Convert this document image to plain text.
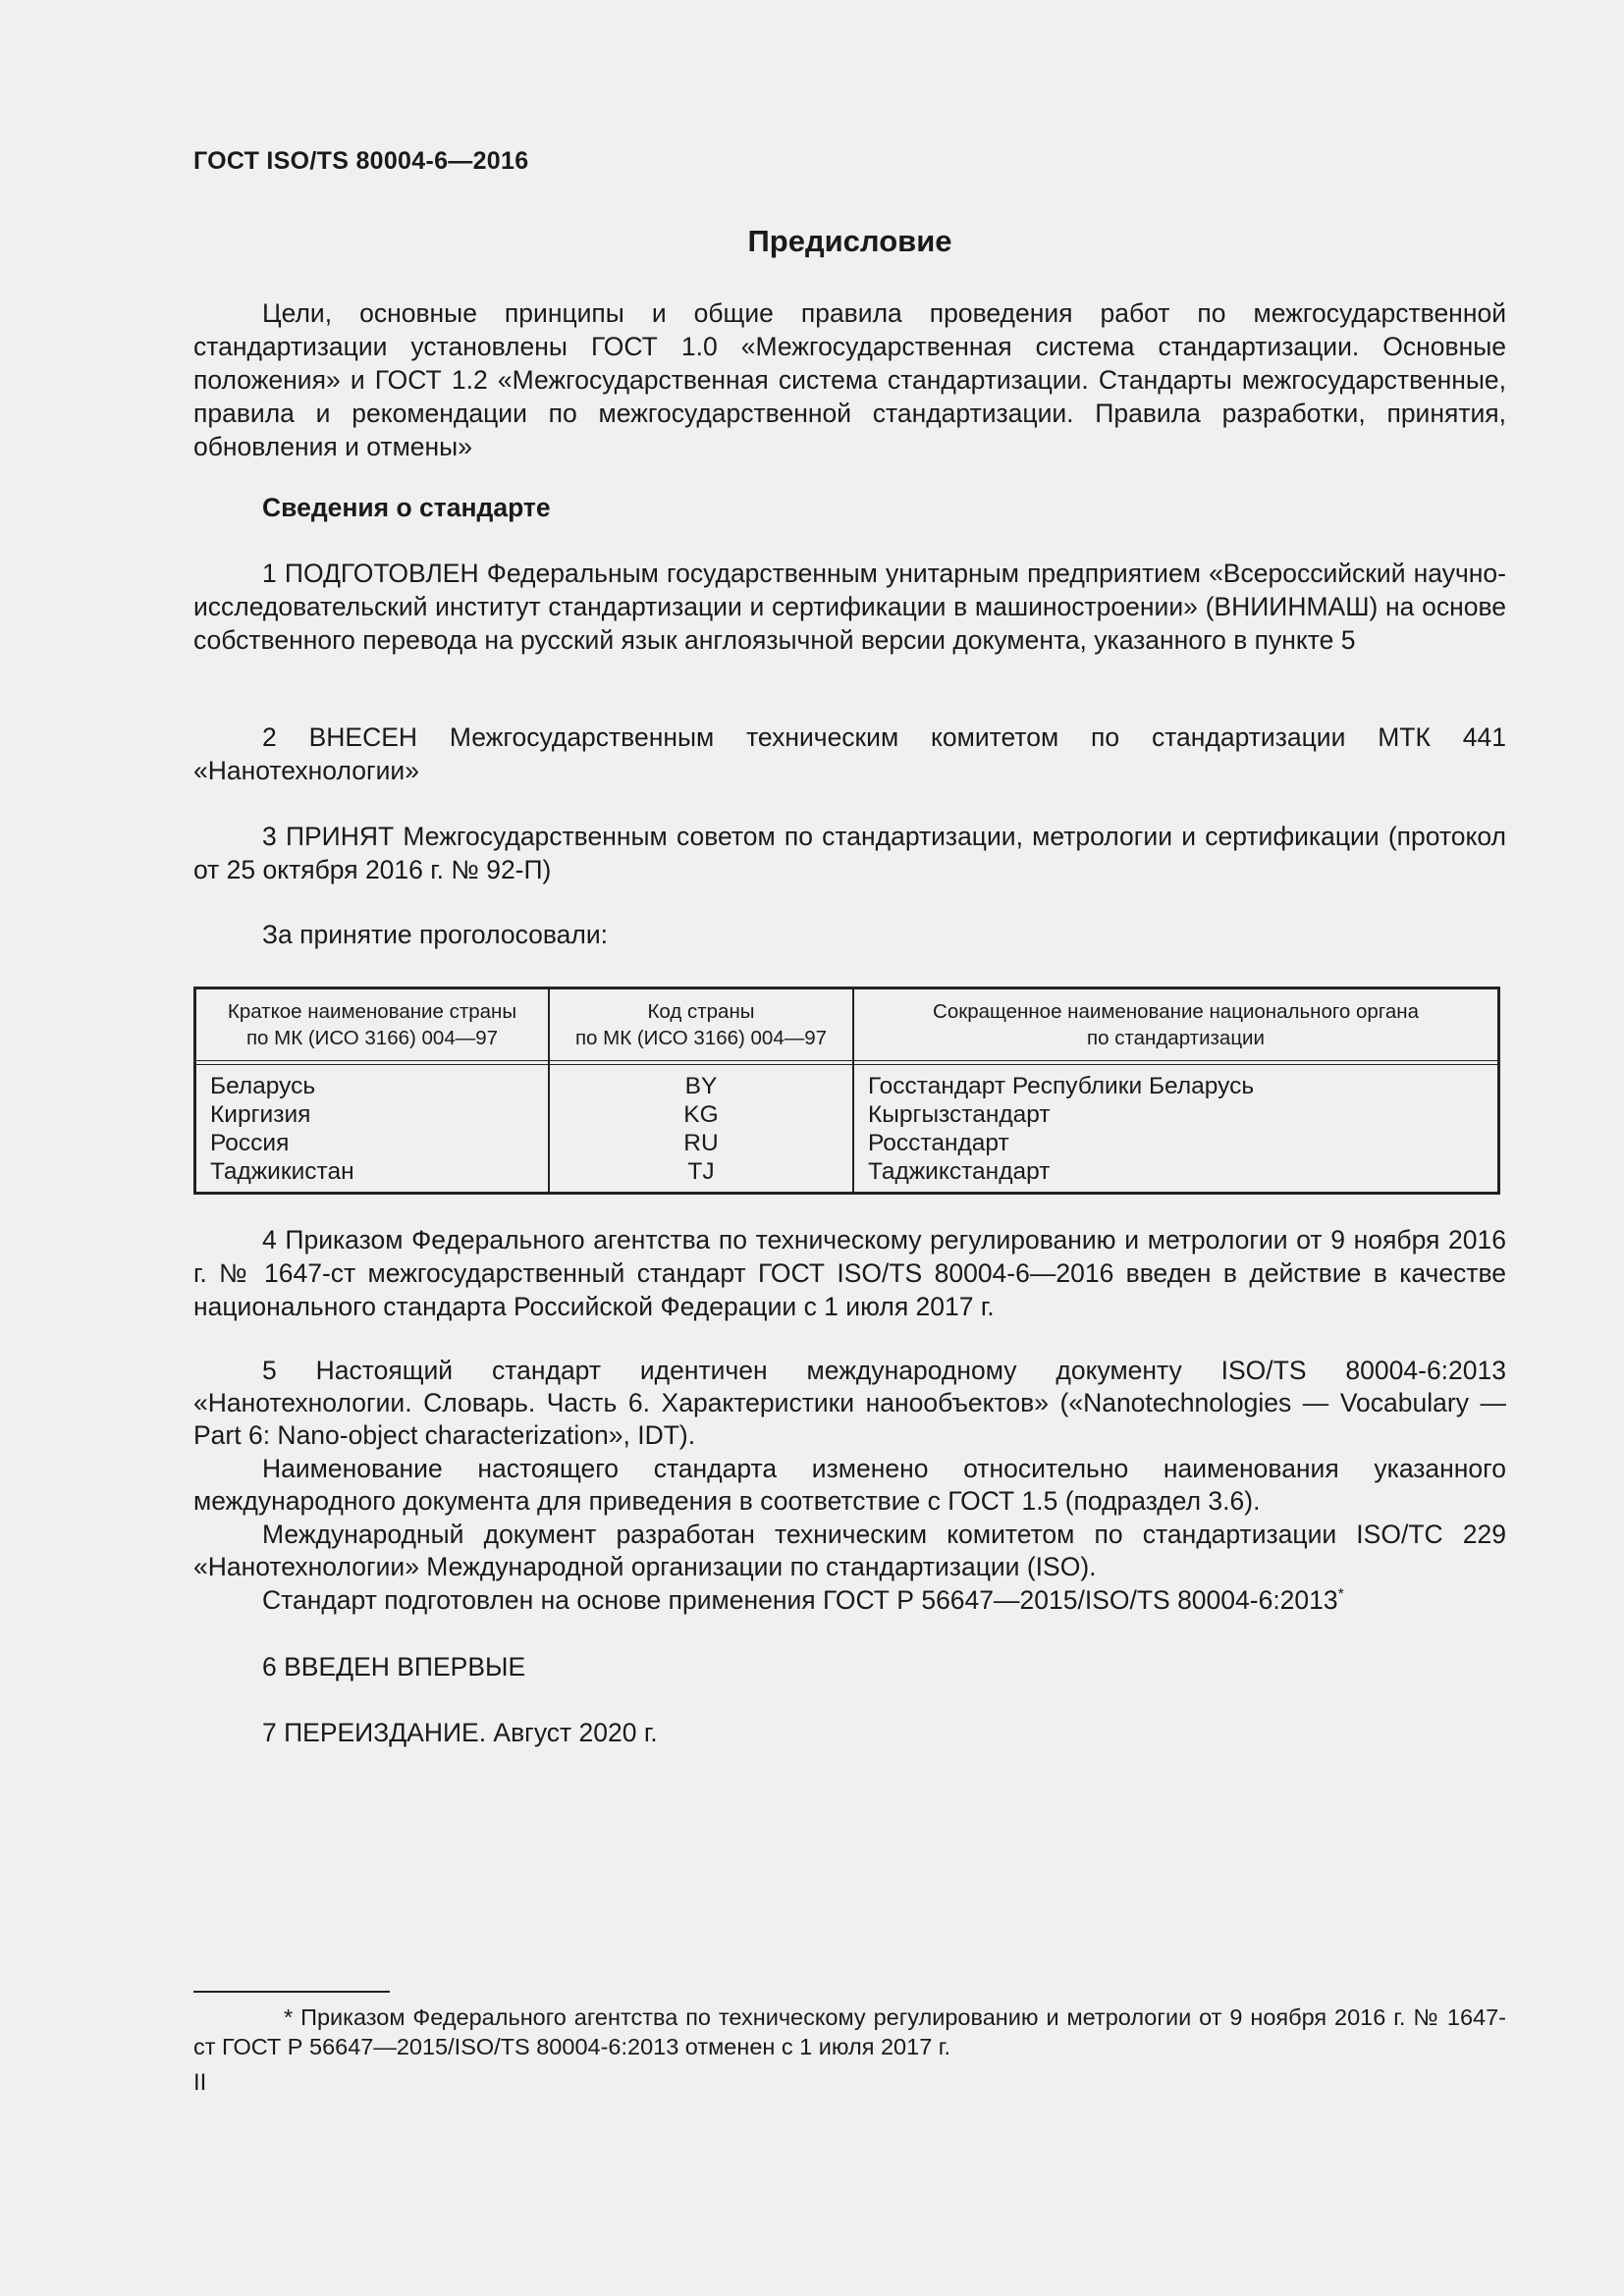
ГОСТ ISO/TS 80004-6—2016
Предисловие

Цели, основные принципы и общие правила проведения работ по межгосударственной стандартизации установлены ГОСТ 1.0 «Межгосударственная система стандартизации. Основные положения» и ГОСТ 1.2 «Межгосударственная система стандартизации. Стандарты межгосударственные, правила и рекомендации по межгосударственной стандартизации. Правила разработки, принятия, обновления и отмены»

Сведения о стандарте

1 ПОДГОТОВЛЕН Федеральным государственным унитарным предприятием «Всероссийский научно-исследовательский институт стандартизации и сертификации в машиностроении» (ВНИИНМАШ) на основе собственного перевода на русский язык англоязычной версии документа, указанного в пункте 5

2 ВНЕСЕН Межгосударственным техническим комитетом по стандартизации МТК 441 «Нанотехнологии»

3 ПРИНЯТ Межгосударственным советом по стандартизации, метрологии и сертификации (протокол от 25 октября 2016 г. № 92-П)

За принятие проголосовали:

Краткое наименование страны
по МК (ИСО 3166) 004—97
Беларусь
Киргизия
Россия
Таджикистан
Код страны
по МК (ИСО 3166) 004—97
BY
KG
RU
TJ
Сокращенное наименование национального органа
по стандартизации
Госстандарт Республики Беларусь
Кыргызстандарт
Росстандарт
Таджикстандарт

4 Приказом Федерального агентства по техническому регулированию и метрологии от 9 ноября 2016 г. № 1647-ст межгосударственный стандарт ГОСТ ISO/TS 80004-6—2016 введен в действие в качестве национального стандарта Российской Федерации с 1 июля 2017 г.

5 Настоящий стандарт идентичен международному документу ISO/TS 80004-6:2013 «Нанотехнологии. Словарь. Часть 6. Характеристики нанообъектов» («Nanotechnologies — Vocabulary — Part 6: Nano-object characterization», IDT).

Наименование настоящего стандарта изменено относительно наименования указанного международного документа для приведения в соответствие с ГОСТ 1.5 (подраздел 3.6).

Международный документ разработан техническим комитетом по стандартизации ISO/TC 229 «Нанотехнологии» Международной организации по стандартизации (ISO).

Стандарт подготовлен на основе применения ГОСТ Р 56647—2015/ISO/TS 80004-6:2013*

6 ВВЕДЕН ВПЕРВЫЕ

7 ПЕРЕИЗДАНИЕ. Август 2020 г.

* Приказом Федерального агентства по техническому регулированию и метрологии от 9 ноября 2016 г. № 1647-ст ГОСТ Р 56647—2015/ISO/TS 80004-6:2013 отменен с 1 июля 2017 г.

II
